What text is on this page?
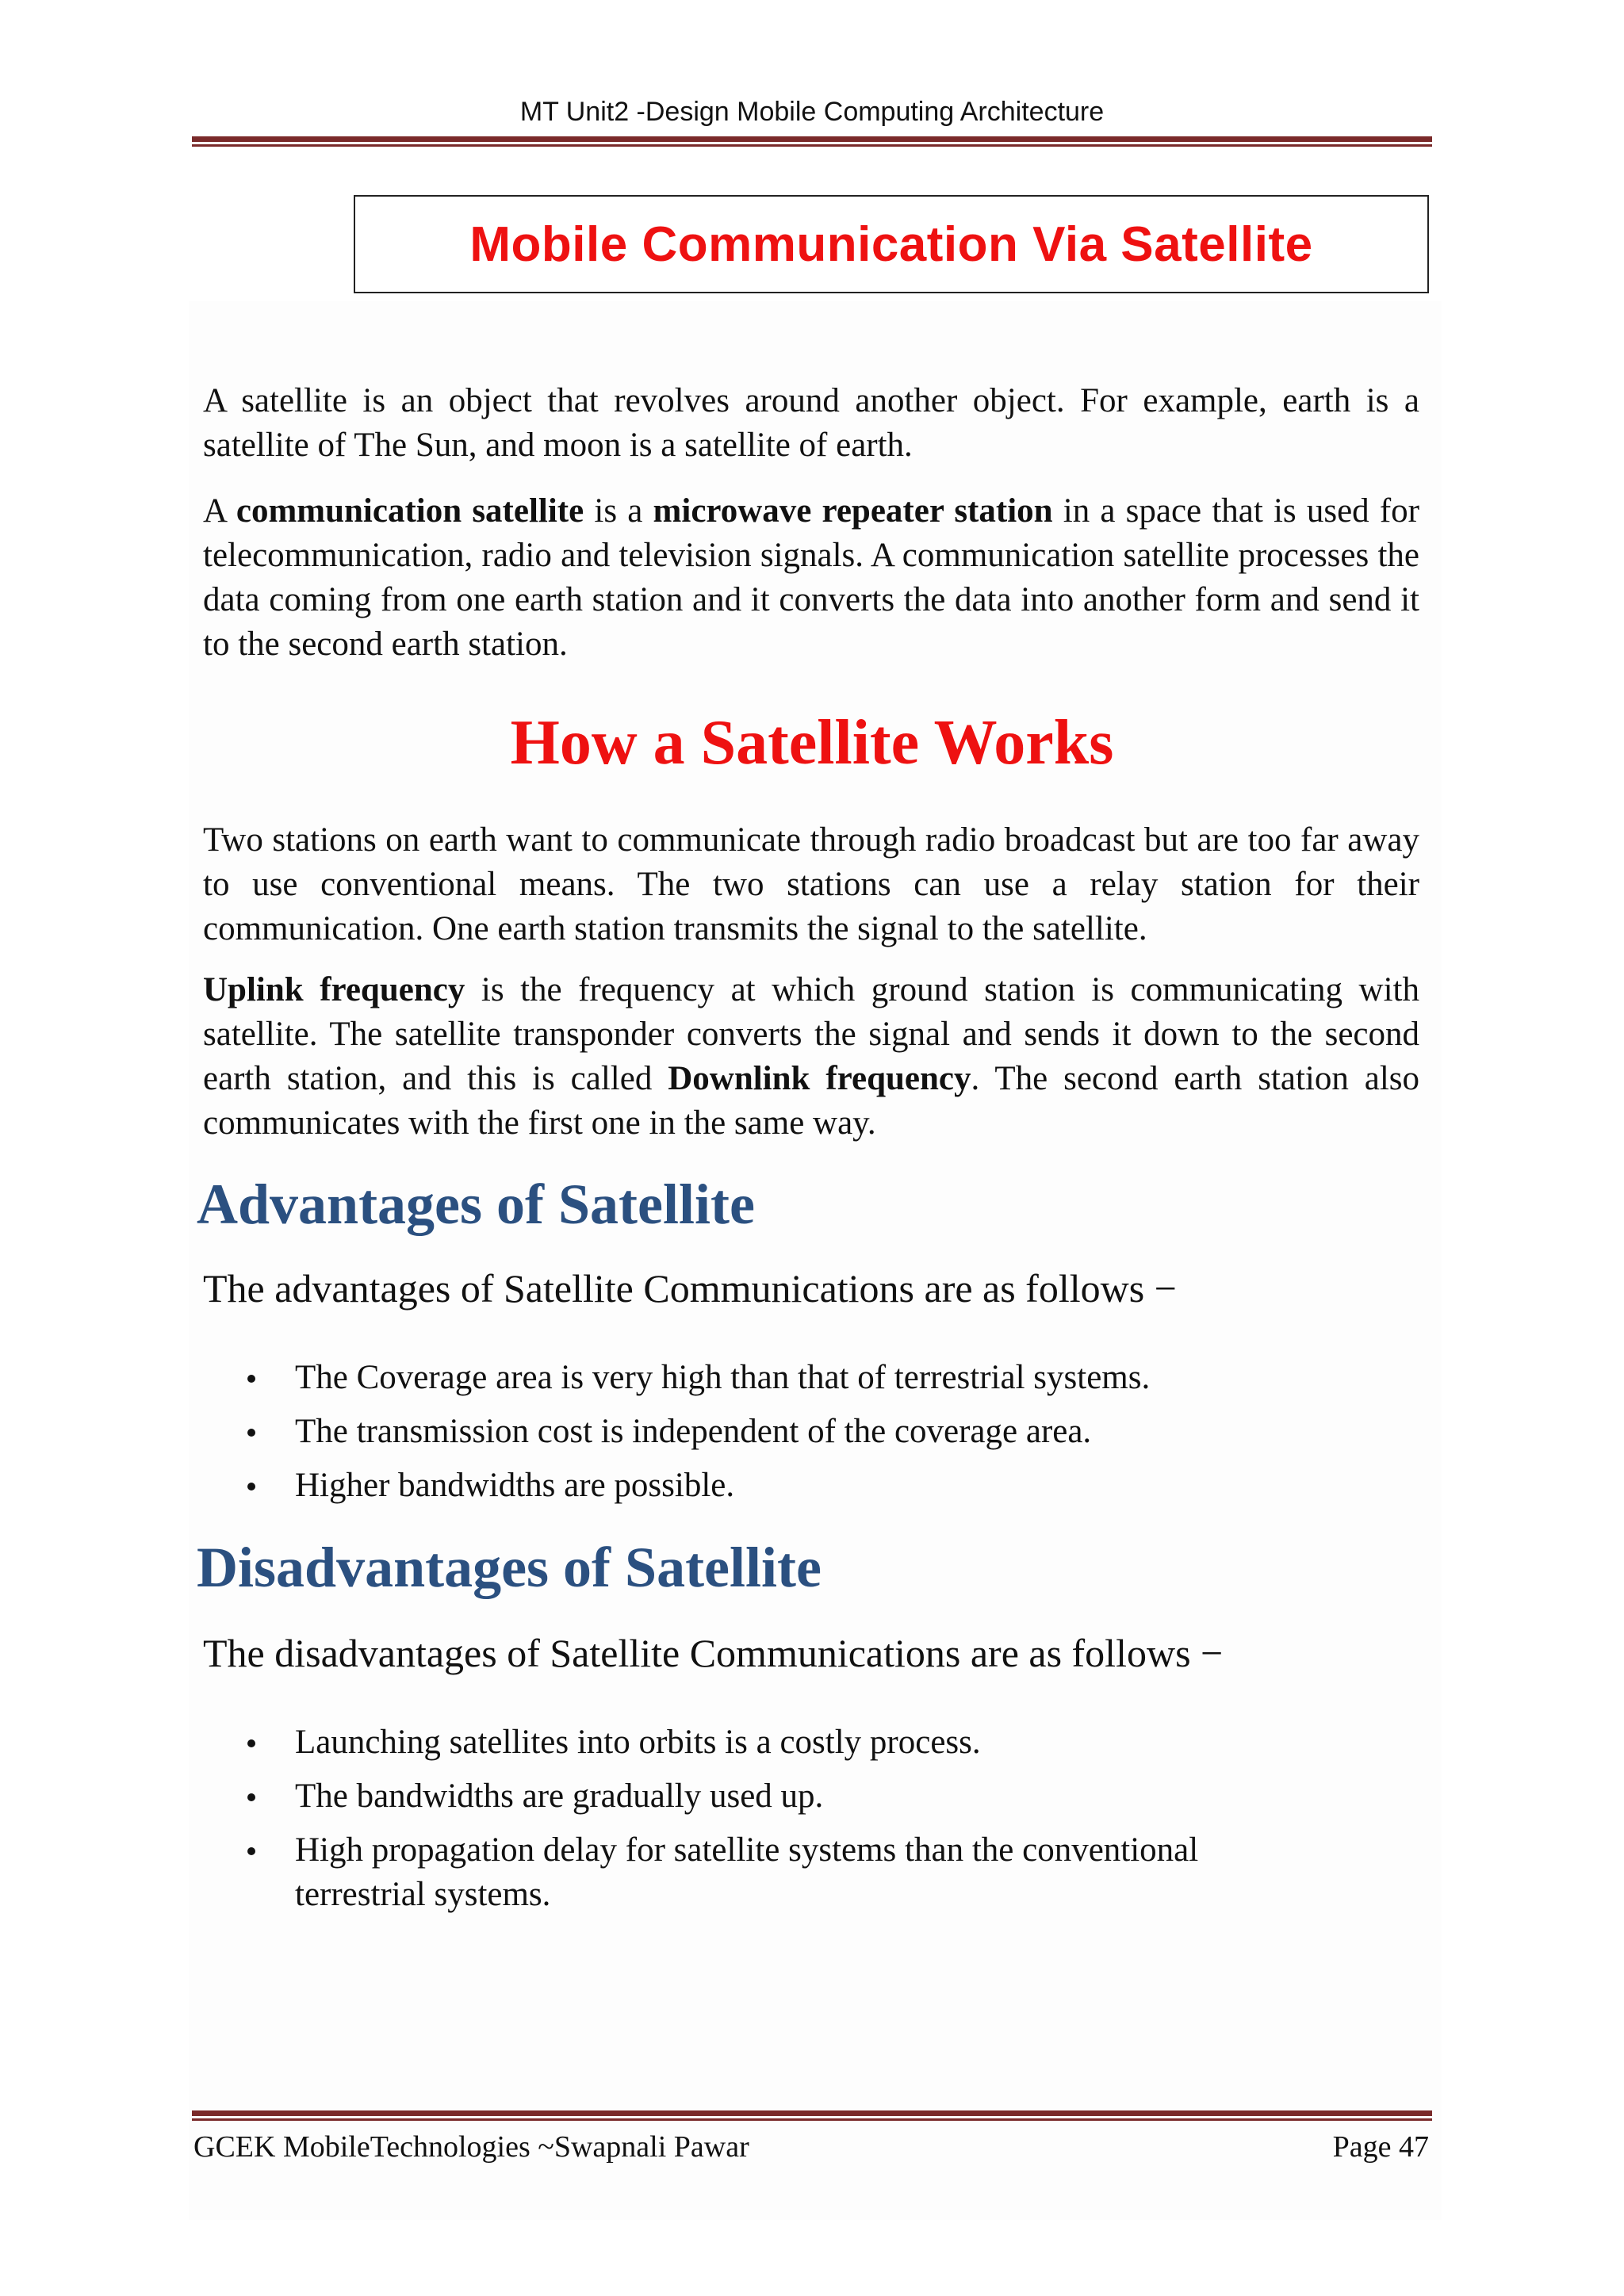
MT Unit2 -Design Mobile Computing Architecture
Mobile Communication Via Satellite

A satellite is an object that revolves around another object. For example, earth is a satellite of The Sun, and moon is a satellite of earth.

A communication satellite is a microwave repeater station in a space that is used for telecommunication, radio and television signals. A communication satellite processes the data coming from one earth station and it converts the data into another form and send it to the second earth station.

How a Satellite Works

Two stations on earth want to communicate through radio broadcast but are too far away to use conventional means. The two stations can use a relay station for their communication. One earth station transmits the signal to the satellite.

Uplink frequency is the frequency at which ground station is communicating with satellite. The satellite transponder converts the signal and sends it down to the second earth station, and this is called Downlink frequency. The second earth station also communicates with the first one in the same way.

Advantages of Satellite

The advantages of Satellite Communications are as follows −

The Coverage area is very high than that of terrestrial systems.
The transmission cost is independent of the coverage area.
Higher bandwidths are possible.
Disadvantages of Satellite

The disadvantages of Satellite Communications are as follows −

Launching satellites into orbits is a costly process.
The bandwidths are gradually used up.
High propagation delay for satellite systems than the conventional terrestrial systems.
GCEK MobileTechnologies ~Swapnali Pawar	Page 47
